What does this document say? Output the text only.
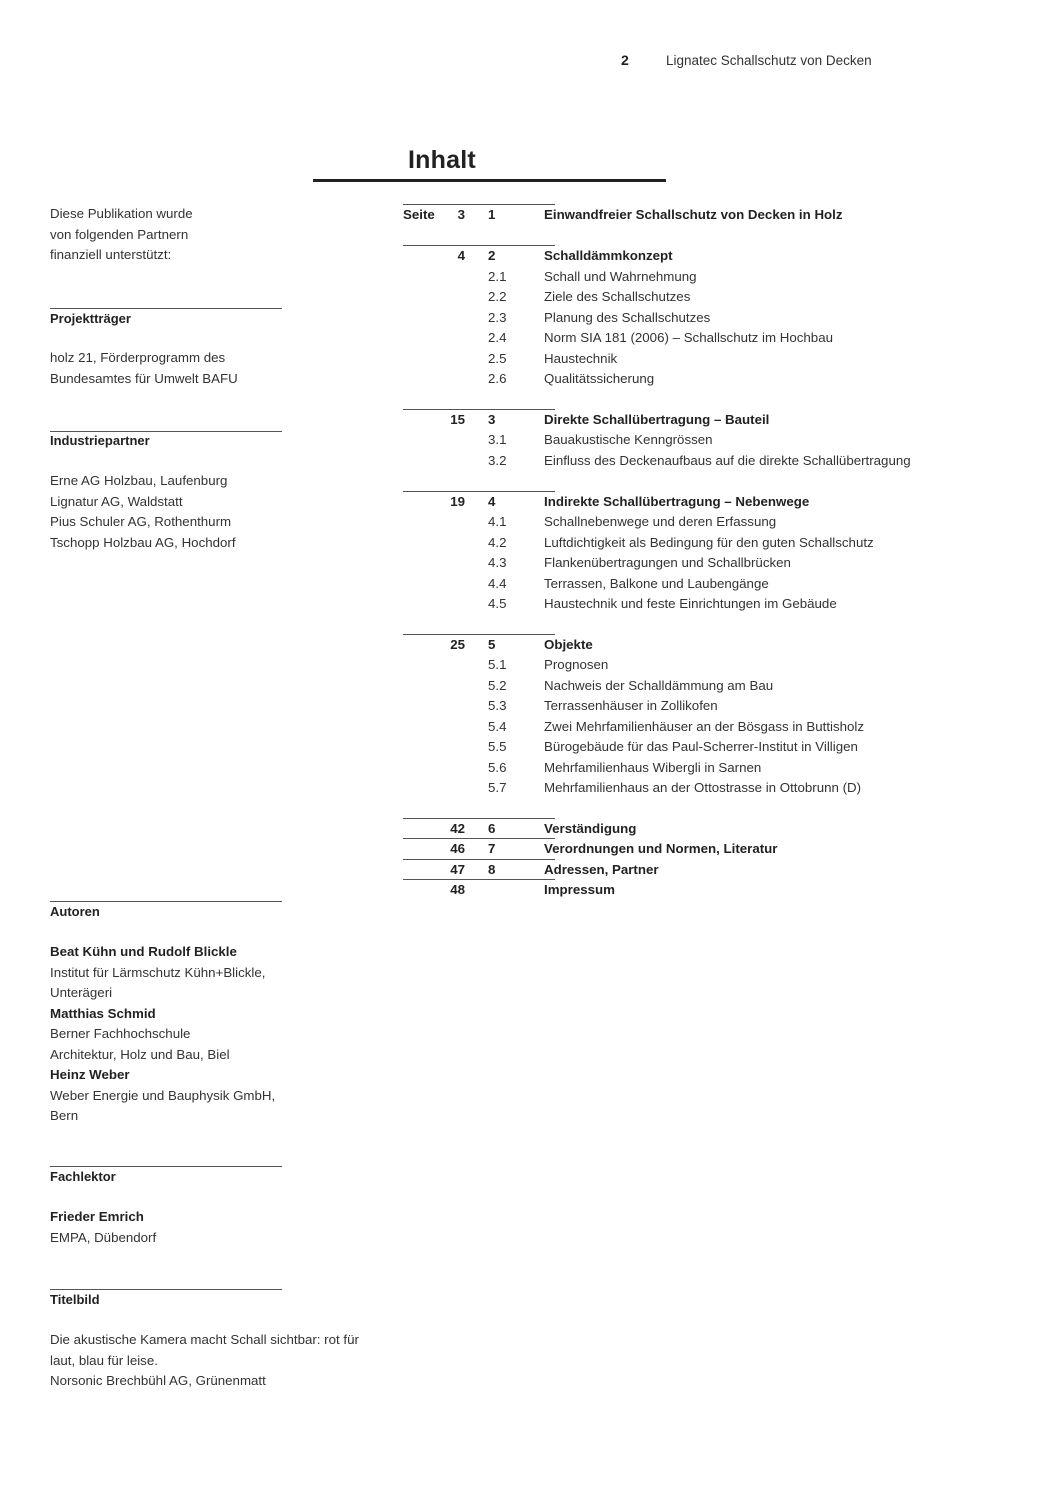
2	Lignatec Schallschutz von Decken
Inhalt
Diese Publikation wurde
von folgenden Partnern
finanziell unterstützt:
Projektträger
holz 21, Förderprogramm des
Bundesamtes für Umwelt BAFU
Industriepartner
Erne AG Holzbau, Laufenburg
Lignatur AG, Waldstatt
Pius Schuler AG, Rothenthurm
Tschopp Holzbau AG, Hochdorf
Autoren
Beat Kühn und Rudolf Blickle
Institut für Lärmschutz Kühn+Blickle,
Unterägeri
Matthias Schmid
Berner Fachhochschule
Architektur, Holz und Bau, Biel
Heinz Weber
Weber Energie und Bauphysik GmbH,
Bern
Fachlektor
Frieder Emrich
EMPA, Dübendorf
Titelbild
Die akustische Kamera macht Schall sichtbar: rot für
laut, blau für leise.
Norsonic Brechbühl AG, Grünenmatt
Seite	3 1	Einwandfreier Schallschutz von Decken in Holz
4 2	Schalldämmkonzept
2.1	Schall und Wahrnehmung
2.2	Ziele des Schallschutzes
2.3	Planung des Schallschutzes
2.4	Norm SIA 181 (2006) – Schallschutz im Hochbau
2.5	Haustechnik
2.6	Qualitätssicherung
15 3	Direkte Schallübertragung – Bauteil
3.1	Bauakustische Kenngrössen
3.2	Einfluss des Deckenaufbaus auf die direkte Schallübertragung
19 4	Indirekte Schallübertragung – Nebenwege
4.1	Schallnebenwege und deren Erfassung
4.2	Luftdichtigkeit als Bedingung für den guten Schallschutz
4.3	Flankenübertragungen und Schallbrücken
4.4	Terrassen, Balkone und Laubengänge
4.5	Haustechnik und feste Einrichtungen im Gebäude
25 5	Objekte
5.1	Prognosen
5.2	Nachweis der Schalldämmung am Bau
5.3	Terrassenhäuser in Zollikofen
5.4	Zwei Mehrfamilienhäuser an der Bösgass in Buttisholz
5.5	Bürogebäude für das Paul-Scherrer-Institut in Villigen
5.6	Mehrfamilienhaus Wibergli in Sarnen
5.7	Mehrfamilienhaus an der Ottostrasse in Ottobrunn (D)
42 6	Verständigung
46 7	Verordnungen und Normen, Literatur
47 8	Adressen, Partner
48	Impressum
